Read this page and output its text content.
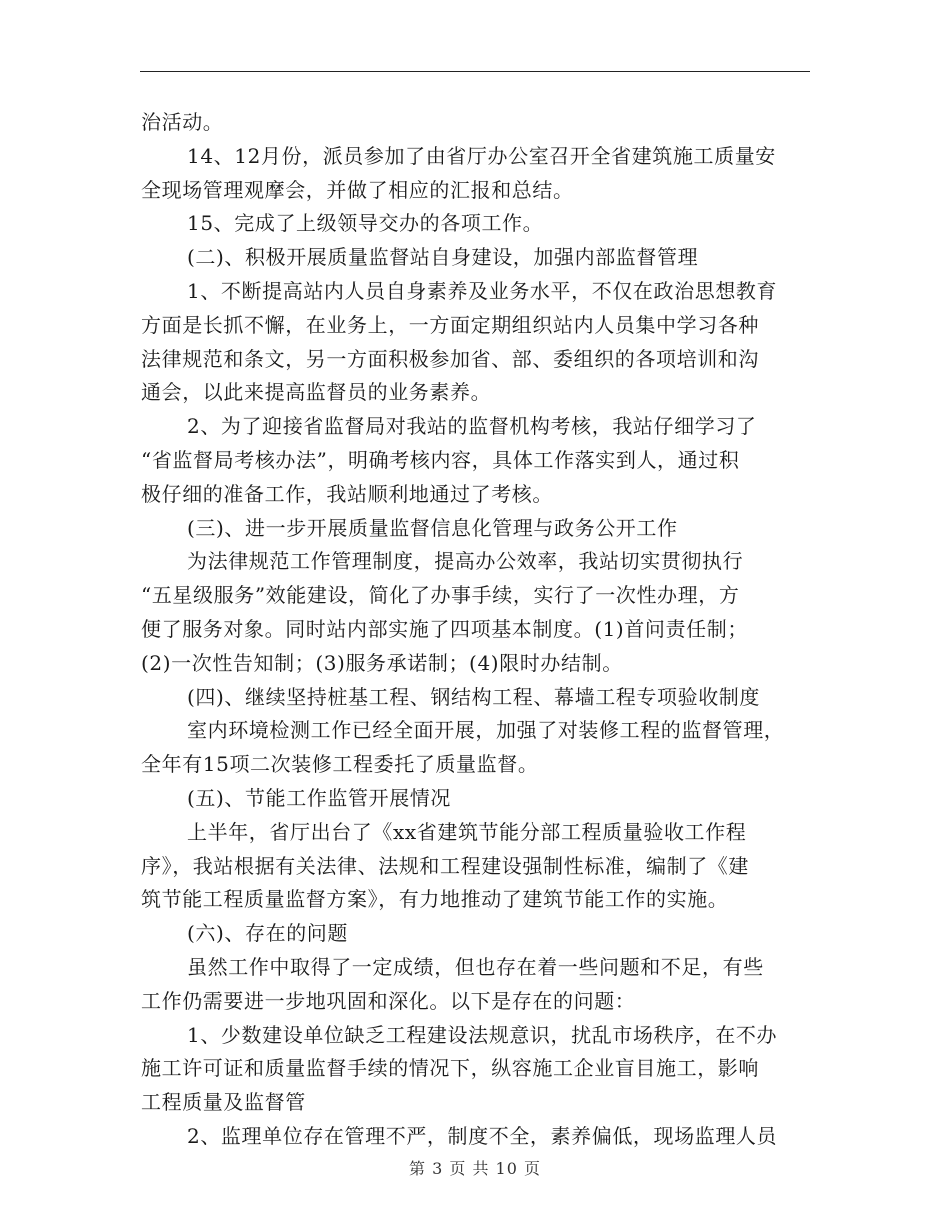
治活动。
14、12月份，派员参加了由省厅办公室召开全省建筑施工质量安
全现场管理观摩会，并做了相应的汇报和总结。
15、完成了上级领导交办的各项工作。
(二)、积极开展质量监督站自身建设，加强内部监督管理
1、不断提高站内人员自身素养及业务水平，不仅在政治思想教育
方面是长抓不懈，在业务上，一方面定期组织站内人员集中学习各种
法律规范和条文，另一方面积极参加省、部、委组织的各项培训和沟
通会，以此来提高监督员的业务素养。
2、为了迎接省监督局对我站的监督机构考核，我站仔细学习了
“省监督局考核办法”，明确考核内容，具体工作落实到人，通过积
极仔细的准备工作，我站顺利地通过了考核。
(三)、进一步开展质量监督信息化管理与政务公开工作
为法律规范工作管理制度，提高办公效率，我站切实贯彻执行
“五星级服务”效能建设，简化了办事手续，实行了一次性办理，方
便了服务对象。同时站内部实施了四项基本制度。(1)首问责任制；
(2)一次性告知制；(3)服务承诺制；(4)限时办结制。
(四)、继续坚持桩基工程、钢结构工程、幕墙工程专项验收制度
室内环境检测工作已经全面开展，加强了对装修工程的监督管理，
全年有15项二次装修工程委托了质量监督。
(五)、节能工作监管开展情况
上半年，省厅出台了《xx省建筑节能分部工程质量验收工作程
序》，我站根据有关法律、法规和工程建设强制性标准，编制了《建
筑节能工程质量监督方案》，有力地推动了建筑节能工作的实施。
(六)、存在的问题
虽然工作中取得了一定成绩，但也存在着一些问题和不足，有些
工作仍需要进一步地巩固和深化。以下是存在的问题：
1、少数建设单位缺乏工程建设法规意识，扰乱市场秩序，在不办
施工许可证和质量监督手续的情况下，纵容施工企业盲目施工，影响
工程质量及监督管
2、监理单位存在管理不严，制度不全，素养偏低，现场监理人员
第 3 页 共 10 页
